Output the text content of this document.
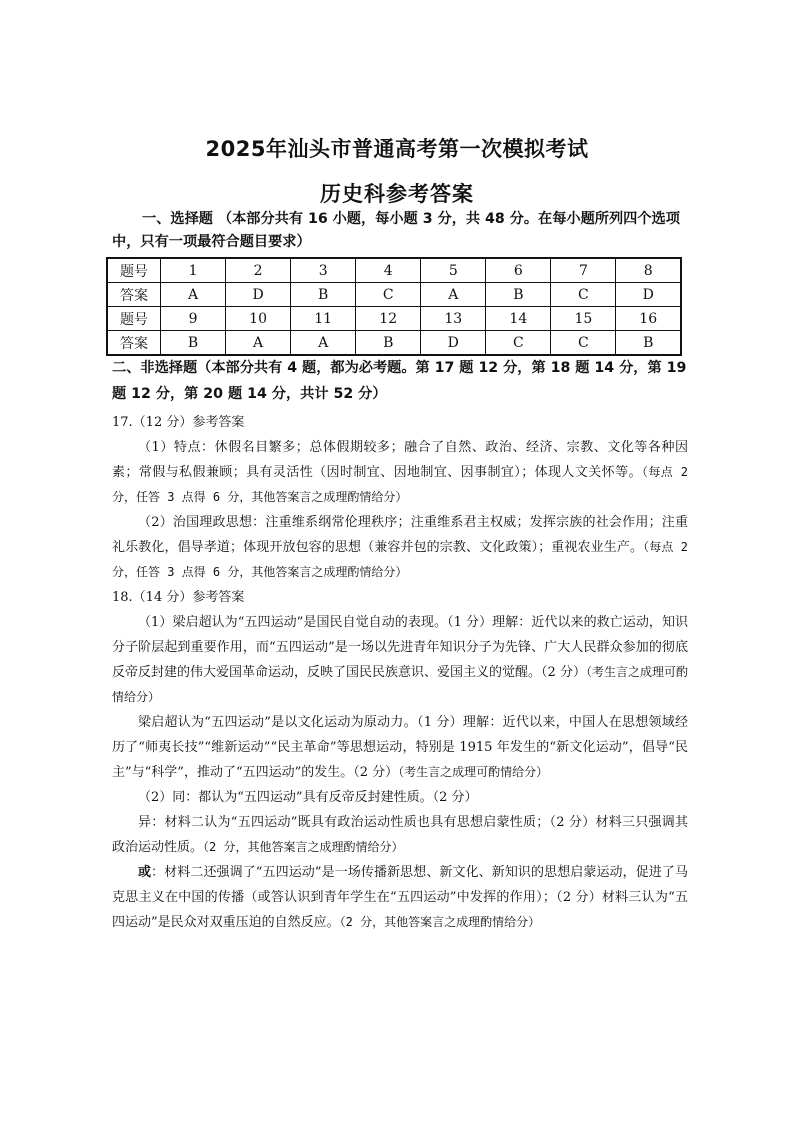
2025年汕头市普通高考第一次模拟考试
历史科参考答案
一、选择题 （本部分共有 16 小题，每小题 3 分，共 48 分。在每小题所列四个选项中，只有一项最符合题目要求）
题号	1	2	3	4	5	6	7	8
答案	A	D	B	C	A	B	C	D
题号	9	10	11	12	13	14	15	16
答案	B	A	A	B	D	C	C	B
二、非选择题（本部分共有 4 题，都为必考题。第 17 题 12 分，第 18 题 14 分，第 19 题 12 分，第 20 题 14 分，共计 52 分）

17.（12 分）参考答案

（1）特点：休假名目繁多；总体假期较多；融合了自然、政治、经济、宗教、文化等各种因素；常假与私假兼顾；具有灵活性（因时制宜、因地制宜、因事制宜）；体现人文关怀等。（每点 2 分，任答 3 点得 6 分，其他答案言之成理酌情给分）

（2）治国理政思想：注重维系纲常伦理秩序；注重维系君主权威；发挥宗族的社会作用；注重礼乐教化，倡导孝道；体现开放包容的思想（兼容并包的宗教、文化政策）；重视农业生产。（每点 2 分，任答 3 点得 6 分，其他答案言之成理酌情给分）

18.（14 分）参考答案

（1）梁启超认为“五四运动”是国民自觉自动的表现。（1 分）理解：近代以来的救亡运动，知识分子阶层起到重要作用，而“五四运动”是一场以先进青年知识分子为先锋、广大人民群众参加的彻底反帝反封建的伟大爱国革命运动，反映了国民民族意识、爱国主义的觉醒。（2 分）（考生言之成理可酌情给分）

梁启超认为“五四运动”是以文化运动为原动力。（1 分）理解：近代以来，中国人在思想领域经历了“师夷长技”“维新运动”“民主革命”等思想运动，特别是 1915 年发生的“新文化运动”，倡导“民主”与“科学”，推动了“五四运动”的发生。（2 分）（考生言之成理可酌情给分）

（2）同：都认为“五四运动”具有反帝反封建性质。（2 分）

异：材料二认为“五四运动”既具有政治运动性质也具有思想启蒙性质；（2 分）材料三只强调其政治运动性质。（2 分，其他答案言之成理酌情给分）

或：材料二还强调了“五四运动”是一场传播新思想、新文化、新知识的思想启蒙运动，促进了马克思主义在中国的传播（或答认识到青年学生在“五四运动”中发挥的作用）；（2 分）材料三认为“五四运动”是民众对双重压迫的自然反应。（2 分，其他答案言之成理酌情给分）
